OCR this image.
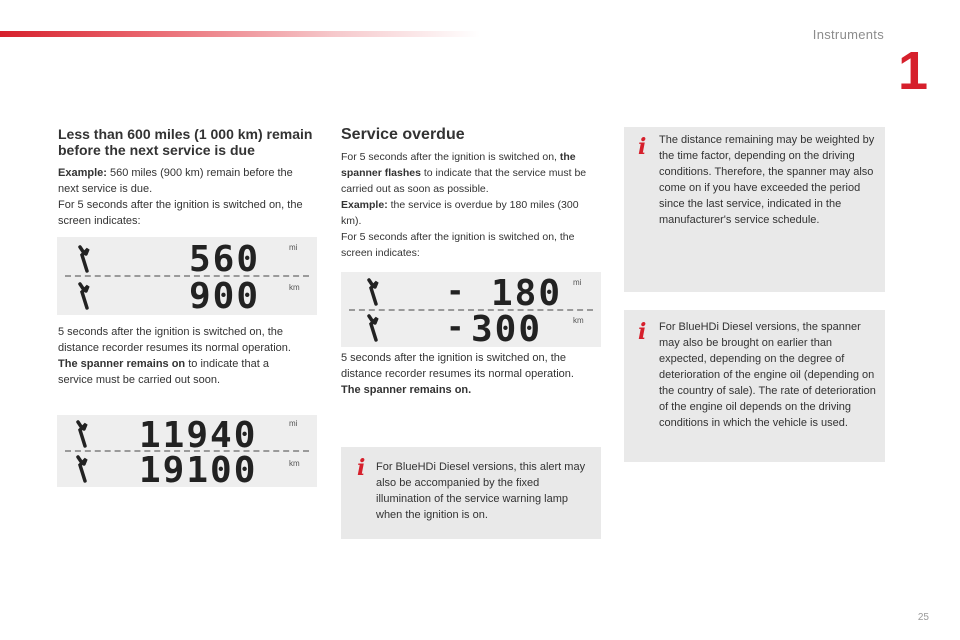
Instruments
1
Less than 600 miles (1 000 km) remain before the next service is due
Example: 560 miles (900 km) remain before the next service is due.
For 5 seconds after the ignition is switched on, the screen indicates:
560	mi
900	km
5 seconds after the ignition is switched on, the distance recorder resumes its normal operation. The spanner remains on to indicate that a service must be carried out soon.
11940	mi
19100	km
Service overdue
For 5 seconds after the ignition is switched on, the spanner flashes to indicate that the service must be carried out as soon as possible.
Example: the service is overdue by 180 miles (300 km).
For 5 seconds after the ignition is switched on, the screen indicates:
- 180 mi
- 300	km
5 seconds after the ignition is switched on, the distance recorder resumes its normal operation. The spanner remains on.
i For BlueHDi Diesel versions, this alert may also be accompanied by the fixed illumination of the service warning lamp when the ignition is on.
i The distance remaining may be weighted by the time factor, depending on the driving conditions. Therefore, the spanner may also come on if you have exceeded the period since the last service, indicated in the manufacturer's service schedule.
i For BlueHDi Diesel versions, the spanner may also be brought on earlier than expected, depending on the degree of deterioration of the engine oil (depending on the country of sale). The rate of deterioration of the engine oil depends on the driving conditions in which the vehicle is used.
25
